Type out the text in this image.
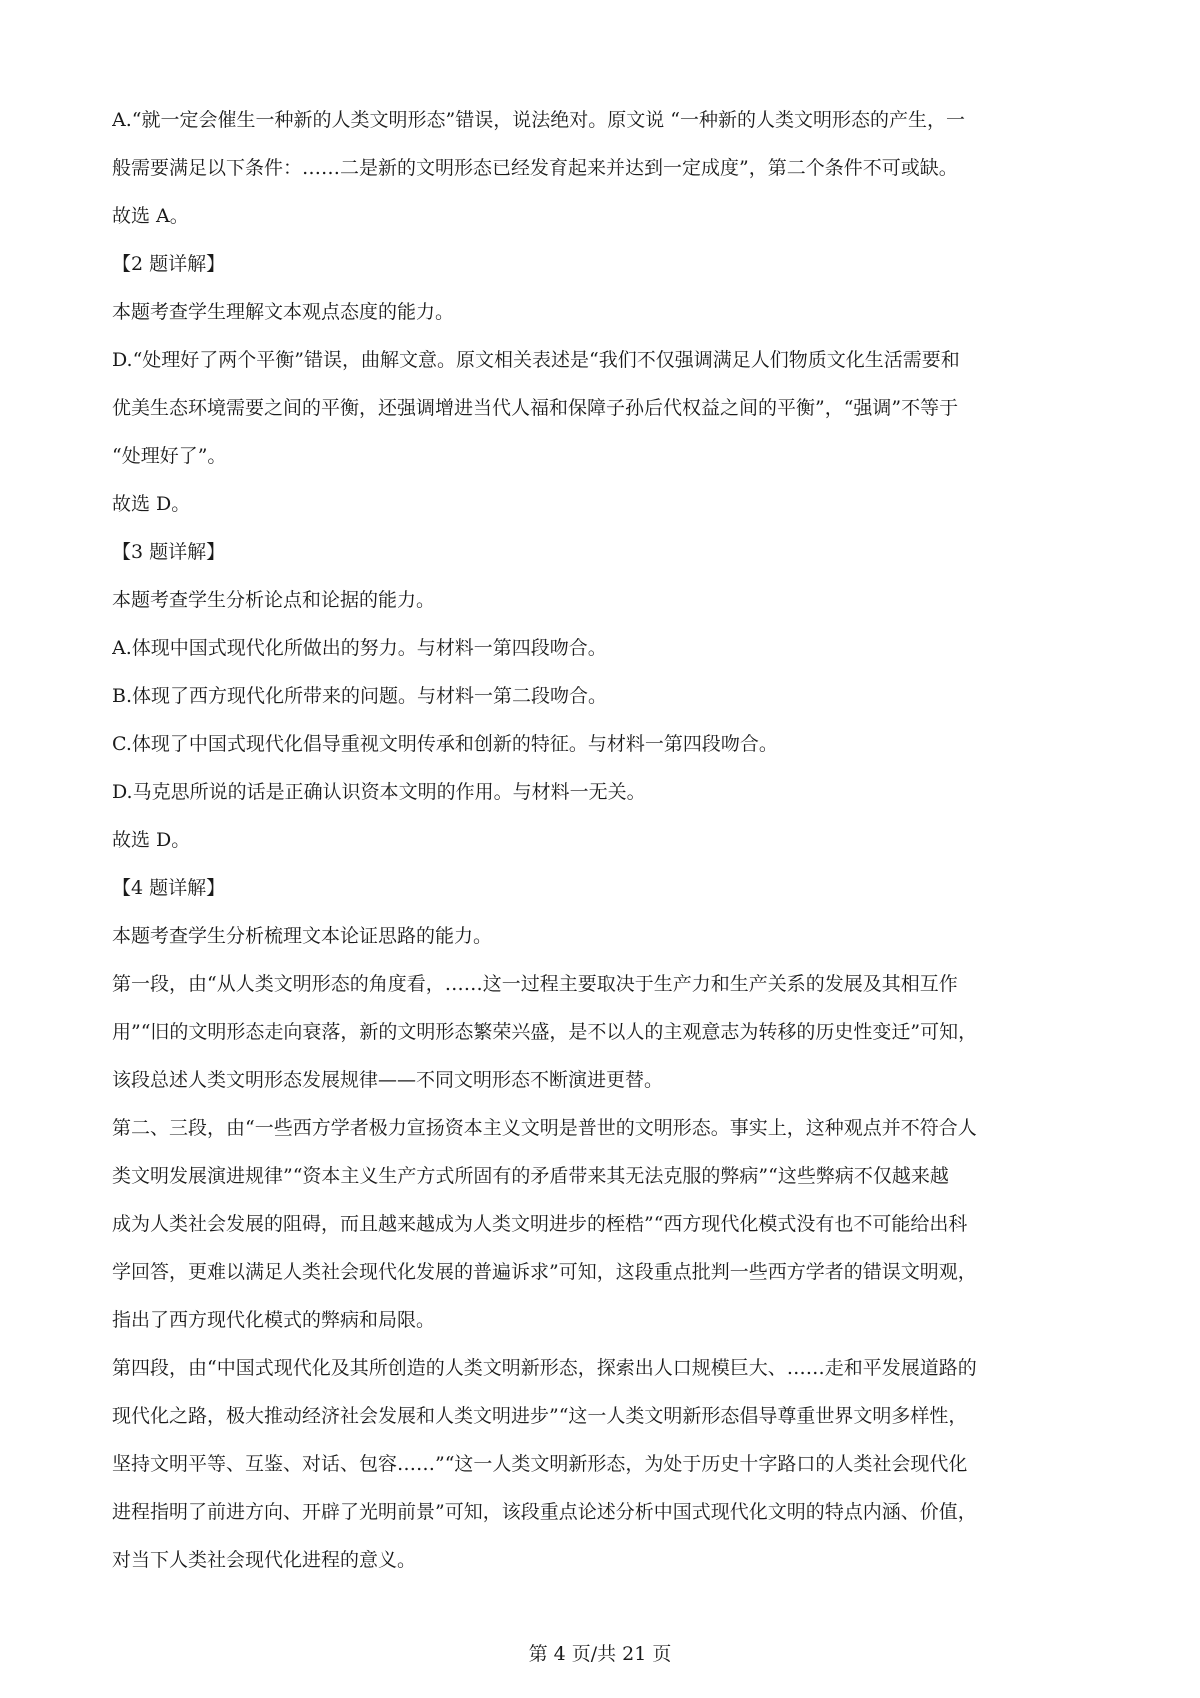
A.“就一定会催生一种新的人类文明形态”错误，说法绝对。原文说 “一种新的人类文明形态的产生，一
般需要满足以下条件：……二是新的文明形态已经发育起来并达到一定成度”，第二个条件不可或缺。
故选 A。
【2 题详解】
本题考查学生理解文本观点态度的能力。
D.“处理好了两个平衡”错误，曲解文意。原文相关表述是“我们不仅强调满足人们物质文化生活需要和
优美生态环境需要之间的平衡，还强调增进当代人福和保障子孙后代权益之间的平衡”，“强调”不等于
“处理好了”。
故选 D。
【3 题详解】
本题考查学生分析论点和论据的能力。
A.体现中国式现代化所做出的努力。与材料一第四段吻合。
B.体现了西方现代化所带来的问题。与材料一第二段吻合。
C.体现了中国式现代化倡导重视文明传承和创新的特征。与材料一第四段吻合。
D.马克思所说的话是正确认识资本文明的作用。与材料一无关。
故选 D。
【4 题详解】
本题考查学生分析梳理文本论证思路的能力。
第一段，由“从人类文明形态的角度看，……这一过程主要取决于生产力和生产关系的发展及其相互作
用”“旧的文明形态走向衰落，新的文明形态繁荣兴盛，是不以人的主观意志为转移的历史性变迁”可知，
该段总述人类文明形态发展规律——不同文明形态不断演进更替。
第二、三段，由“一些西方学者极力宣扬资本主义文明是普世的文明形态。事实上，这种观点并不符合人
类文明发展演进规律”“资本主义生产方式所固有的矛盾带来其无法克服的弊病”“这些弊病不仅越来越
成为人类社会发展的阻碍，而且越来越成为人类文明进步的桎梏”“西方现代化模式没有也不可能给出科
学回答，更难以满足人类社会现代化发展的普遍诉求”可知，这段重点批判一些西方学者的错误文明观，
指出了西方现代化模式的弊病和局限。
第四段，由“中国式现代化及其所创造的人类文明新形态，探索出人口规模巨大、……走和平发展道路的
现代化之路，极大推动经济社会发展和人类文明进步”“这一人类文明新形态倡导尊重世界文明多样性，
坚持文明平等、互鉴、对话、包容……”“这一人类文明新形态，为处于历史十字路口的人类社会现代化
进程指明了前进方向、开辟了光明前景”可知，该段重点论述分析中国式现代化文明的特点内涵、价值，
对当下人类社会现代化进程的意义。
第 4 页/共 21 页
